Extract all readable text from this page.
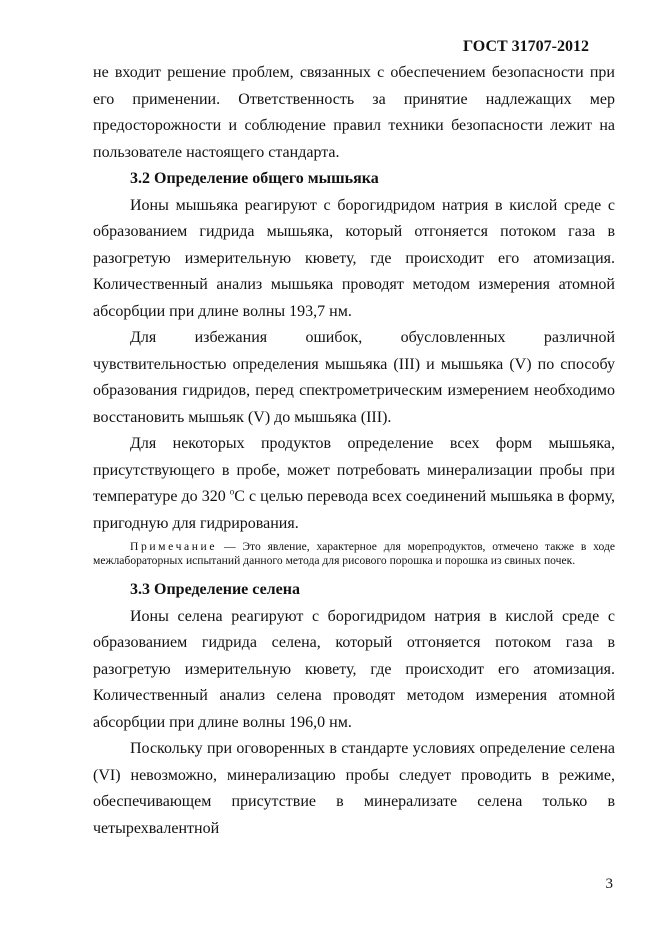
ГОСТ 31707-2012

не входит решение проблем, связанных с обеспечением безопасности при его применении. Ответственность за принятие надлежащих мер предосторожности и соблюдение правил техники безопасности лежит на пользователе настоящего стандарта.

3.2 Определение общего мышьяка

Ионы мышьяка реагируют с борогидридом натрия в кислой среде с образованием гидрида мышьяка, который отгоняется потоком газа в разогретую измерительную кювету, где происходит его атомизация. Количественный анализ мышьяка проводят методом измерения атомной абсорбции при длине волны 193,7 нм.

Для избежания ошибок, обусловленных различной чувствительностью определения мышьяка (III) и мышьяка (V) по способу образования гидридов, перед спектрометрическим измерением необходимо восстановить мышьяк (V) до мышьяка (III).

Для некоторых продуктов определение всех форм мышьяка, присутствующего в пробе, может потребовать минерализации пробы при температуре до 320 $^o$С с целью перевода всех соединений мышьяка в форму, пригодную для гидрирования.

Примечание — Это явление, характерное для морепродуктов, отмечено также в ходе межлабораторных испытаний данного метода для рисового порошка и порошка из свиных почек.

3.3 Определение селена

Ионы селена реагируют с борогидридом натрия в кислой среде с образованием гидрида селена, который отгоняется потоком газа в разогретую измерительную кювету, где происходит его атомизация. Количественный анализ селена проводят методом измерения атомной абсорбции при длине волны 196,0 нм.

Поскольку при оговоренных в стандарте условиях определение селена (VI) невозможно, минерализацию пробы следует проводить в режиме, обеспечивающем присутствие в минерализате селена только в четырехвалентной

3
